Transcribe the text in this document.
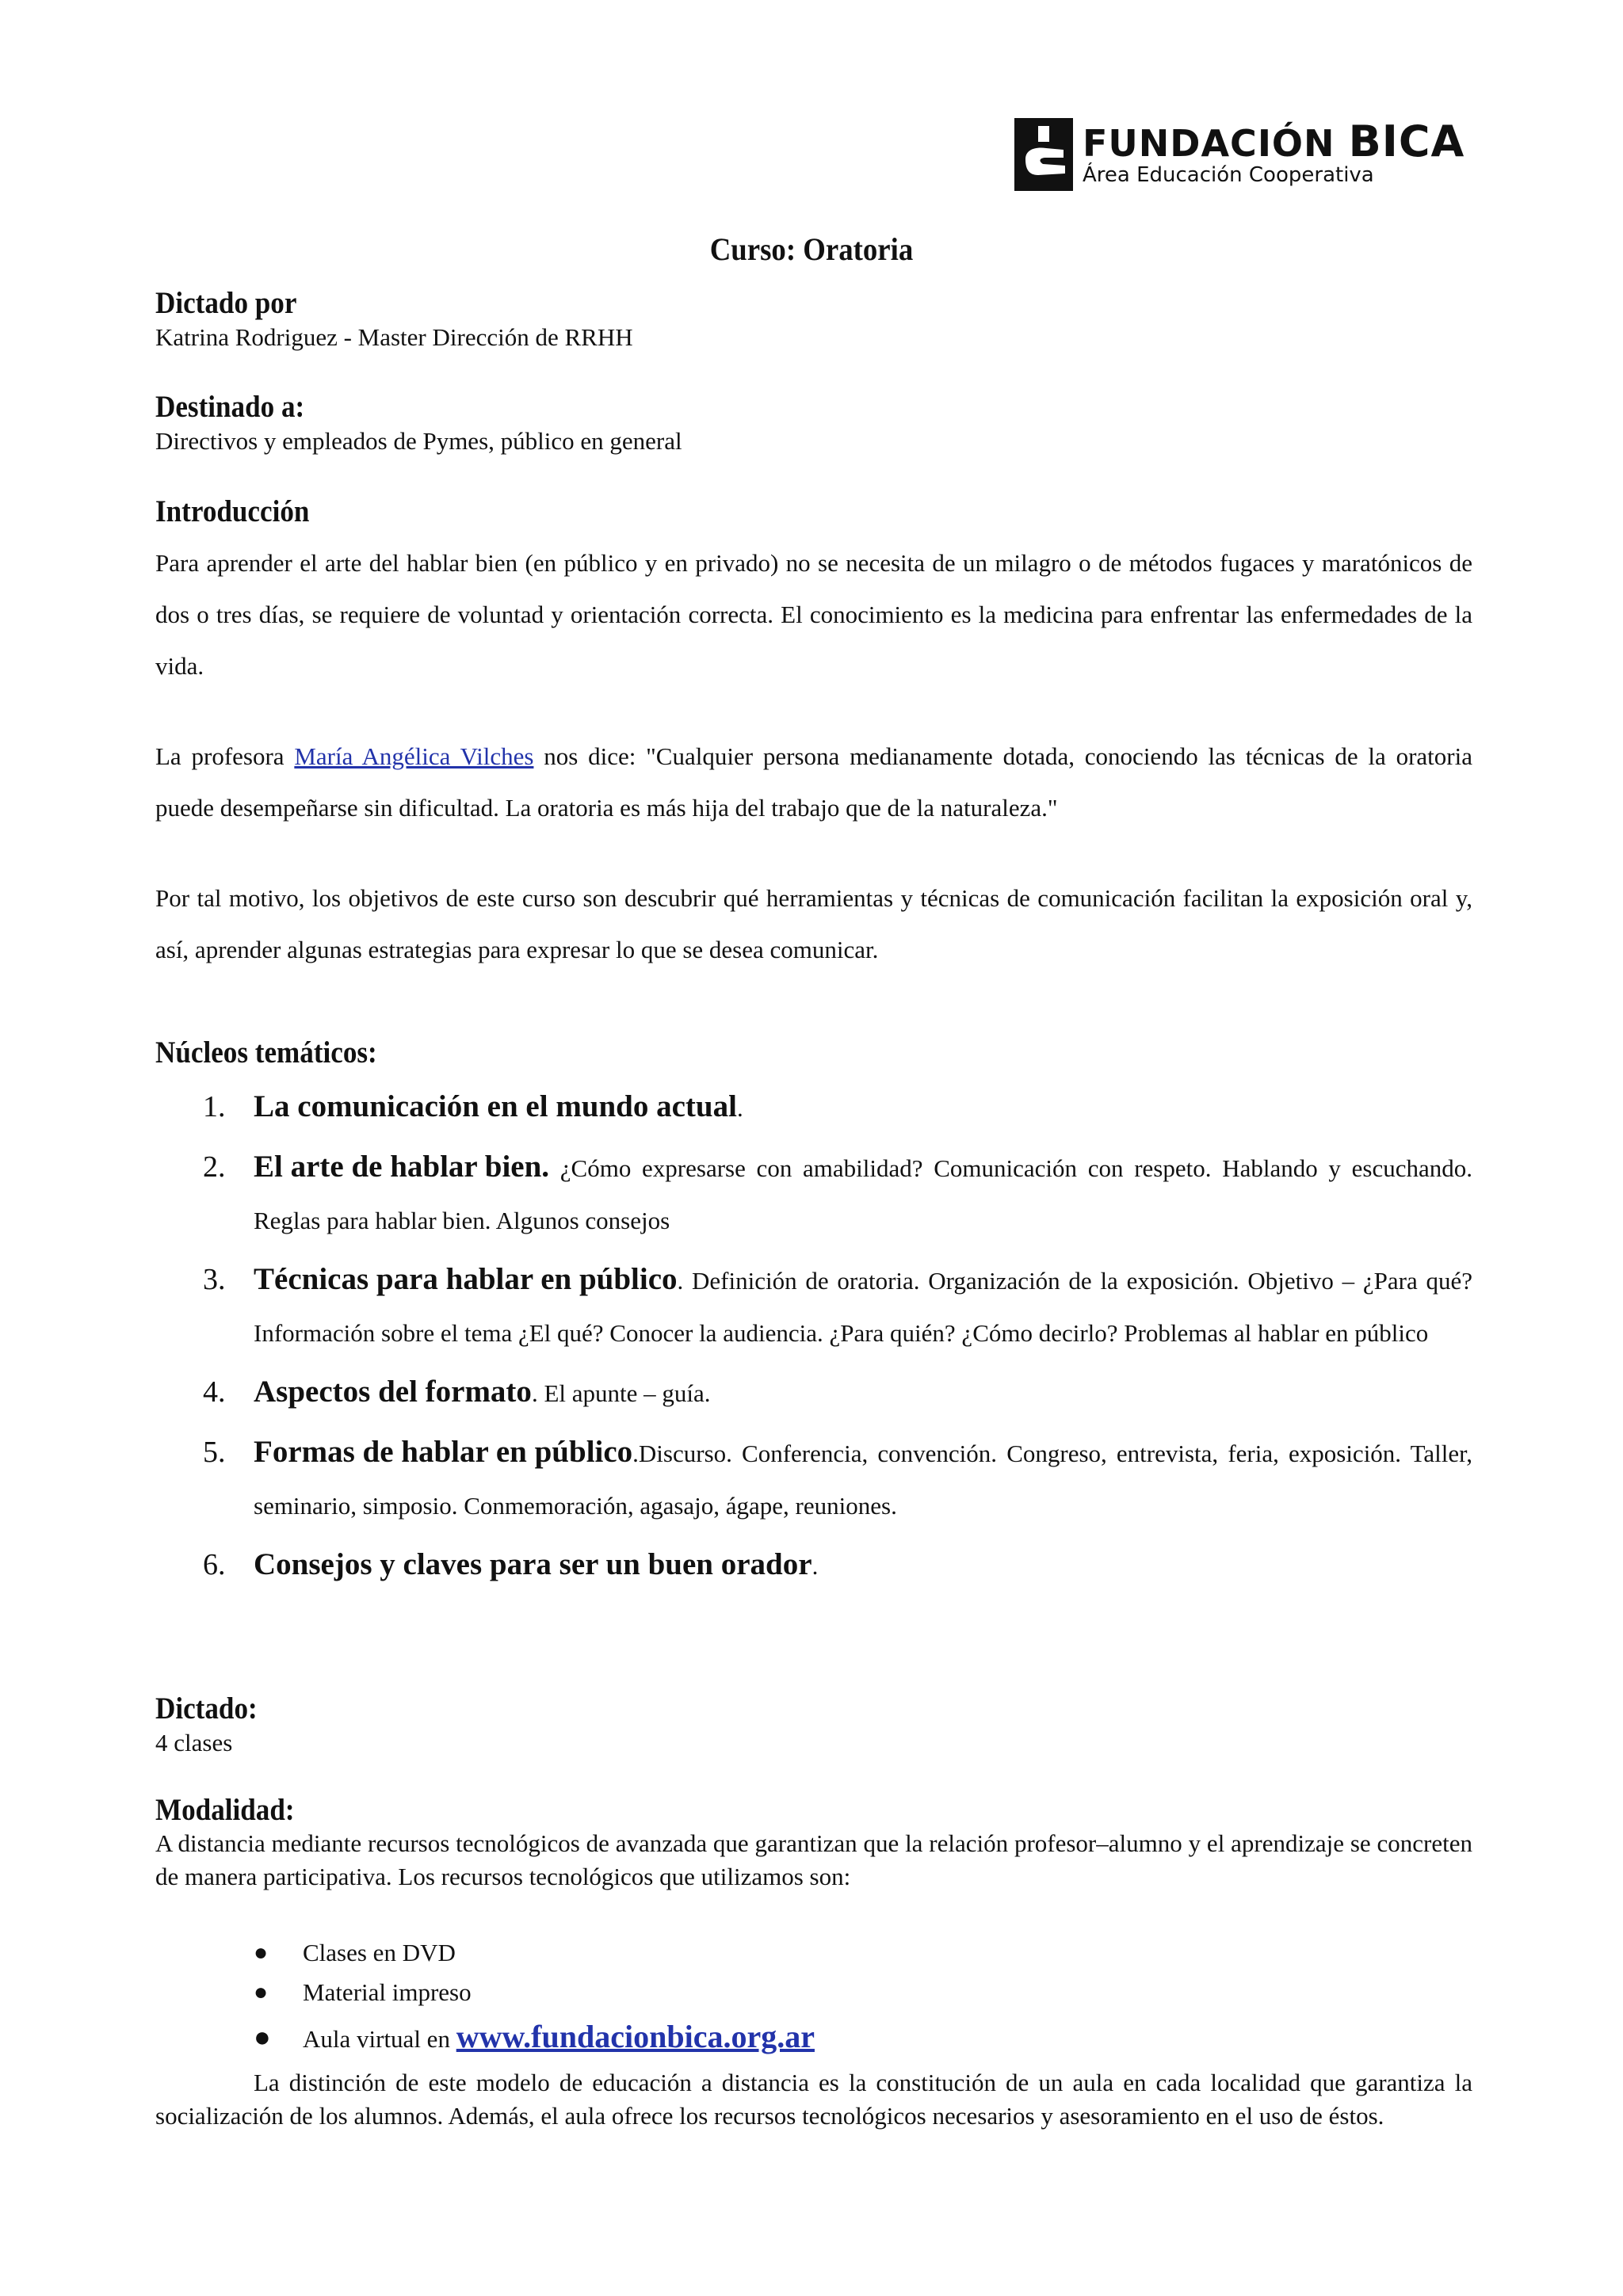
FUNDACIÓN BICA
Área Educación Cooperativa
Curso: Oratoria
Dictado por
Katrina Rodriguez - Master Dirección de RRHH
Destinado a:
Directivos y empleados de Pymes, público en general
Introducción
Para aprender el arte del hablar bien (en público y en privado) no se necesita de un milagro o de métodos fugaces y maratónicos de dos o tres días, se requiere de voluntad y orientación correcta. El conocimiento es la medicina para enfrentar las enfermedades de la vida.
La profesora María Angélica Vilches nos dice: "Cualquier persona medianamente dotada, conociendo las técnicas de la oratoria puede desempeñarse sin dificultad. La oratoria es más hija del trabajo que de la naturaleza."
Por tal motivo, los objetivos de este curso son descubrir qué herramientas y técnicas de comunicación facilitan la exposición oral y, así, aprender algunas estrategias para expresar lo que se desea comunicar.
Núcleos temáticos:
1. La comunicación en el mundo actual.
2. El arte de hablar bien. ¿Cómo expresarse con amabilidad? Comunicación con respeto. Hablando y escuchando. Reglas para hablar bien. Algunos consejos
3. Técnicas para hablar en público. Definición de oratoria. Organización de la exposición. Objetivo – ¿Para qué? Información sobre el tema ¿El qué? Conocer la audiencia. ¿Para quién? ¿Cómo decirlo? Problemas al hablar en público
4. Aspectos del formato. El apunte – guía.
5. Formas de hablar en público.Discurso. Conferencia, convención. Congreso, entrevista, feria, exposición. Taller, seminario, simposio. Conmemoración, agasajo, ágape, reuniones.
6. Consejos y claves para ser un buen orador.
Dictado:
4 clases
Modalidad:
A distancia mediante recursos tecnológicos de avanzada que garantizan que la relación profesor–alumno y el aprendizaje se concreten de manera participativa. Los recursos tecnológicos que utilizamos son:
● Clases en DVD
● Material impreso
● Aula virtual en www.fundacionbica.org.ar
La distinción de este modelo de educación a distancia es la constitución de un aula en cada localidad que garantiza la socialización de los alumnos. Además, el aula ofrece los recursos tecnológicos necesarios y asesoramiento en el uso de éstos.
